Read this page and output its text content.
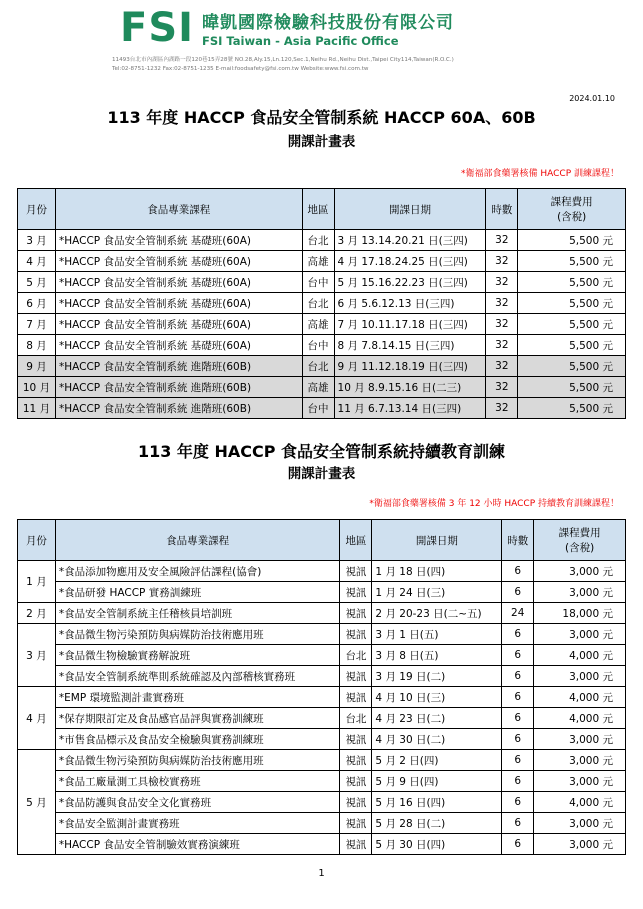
FSI 暐凱國際檢驗科技股份有限公司
FSI Taiwan - Asia Pacific Office
11493台北市內湖區內湖路一段120巷15弄28號 NO.28,Aly.15,Ln.120,Sec.1,Neihu Rd.,Neihu Dist.,Taipei City114,Taiwan(R.O.C.)
Tel:02-8751-1232 Fax:02-8751-1235 E-mail:foodsafety@fsi.com.tw Website:www.fsi.com.tw
2024.01.10
113 年度 HACCP 食品安全管制系統 HACCP 60A、60B
開課計畫表
*衛福部食藥署核備 HACCP 訓練課程！
月份	食品專業課程	地區	開課日期	時數	課程費用
(含稅)
3 月	*HACCP 食品安全管制系統 基礎班(60A)	台北	3 月 13.14.20.21 日(三四)	32	5,500 元
4 月	*HACCP 食品安全管制系統 基礎班(60A)	高雄	4 月 17.18.24.25 日(三四)	32	5,500 元
5 月	*HACCP 食品安全管制系統 基礎班(60A)	台中	5 月 15.16.22.23 日(三四)	32	5,500 元
6 月	*HACCP 食品安全管制系統 基礎班(60A)	台北	6 月 5.6.12.13 日(三四)	32	5,500 元
7 月	*HACCP 食品安全管制系統 基礎班(60A)	高雄	7 月 10.11.17.18 日(三四)	32	5,500 元
8 月	*HACCP 食品安全管制系統 基礎班(60A)	台中	8 月 7.8.14.15 日(三四)	32	5,500 元
9 月	*HACCP 食品安全管制系統 進階班(60B)	台北	9 月 11.12.18.19 日(三四)	32	5,500 元
10 月	*HACCP 食品安全管制系統 進階班(60B)	高雄	10 月 8.9.15.16 日(二三)	32	5,500 元
11 月	*HACCP 食品安全管制系統 進階班(60B)	台中	11 月 6.7.13.14 日(三四)	32	5,500 元
113 年度 HACCP 食品安全管制系統持續教育訓練
開課計畫表
*衛福部食藥署核備 3 年 12 小時 HACCP 持續教育訓練課程！
月份	食品專業課程	地區	開課日期	時數	課程費用
(含稅)
1 月	*食品添加物應用及安全風險評估課程(協會)	視訊	1 月 18 日(四)	6	3,000 元
	*食品研發 HACCP 實務訓練班	視訊	1 月 24 日(三)	6	3,000 元
2 月	*食品安全管制系統主任稽核員培訓班	視訊	2 月 20-23 日(二~五)	24	18,000 元
3 月	*食品微生物污染預防與病媒防治技術應用班	視訊	3 月 1 日(五)	6	3,000 元
	*食品微生物檢驗實務解說班	台北	3 月 8 日(五)	6	4,000 元
	*食品安全管制系統準則系統確認及內部稽核實務班	視訊	3 月 19 日(二)	6	3,000 元
4 月	*EMP 環境監測計畫實務班	視訊	4 月 10 日(三)	6	4,000 元
	*保存期限訂定及食品感官品評與實務訓練班	台北	4 月 23 日(二)	6	4,000 元
	*市售食品標示及食品安全檢驗與實務訓練班	視訊	4 月 30 日(二)	6	3,000 元
5 月	*食品微生物污染預防與病媒防治技術應用班	視訊	5 月 2 日(四)	6	3,000 元
	*食品工廠量測工具檢校實務班	視訊	5 月 9 日(四)	6	3,000 元
	*食品防護與食品安全文化實務班	視訊	5 月 16 日(四)	6	4,000 元
	*食品安全監測計畫實務班	視訊	5 月 28 日(二)	6	3,000 元
	*HACCP 食品安全管制驗效實務演練班	視訊	5 月 30 日(四)	6	3,000 元
1
